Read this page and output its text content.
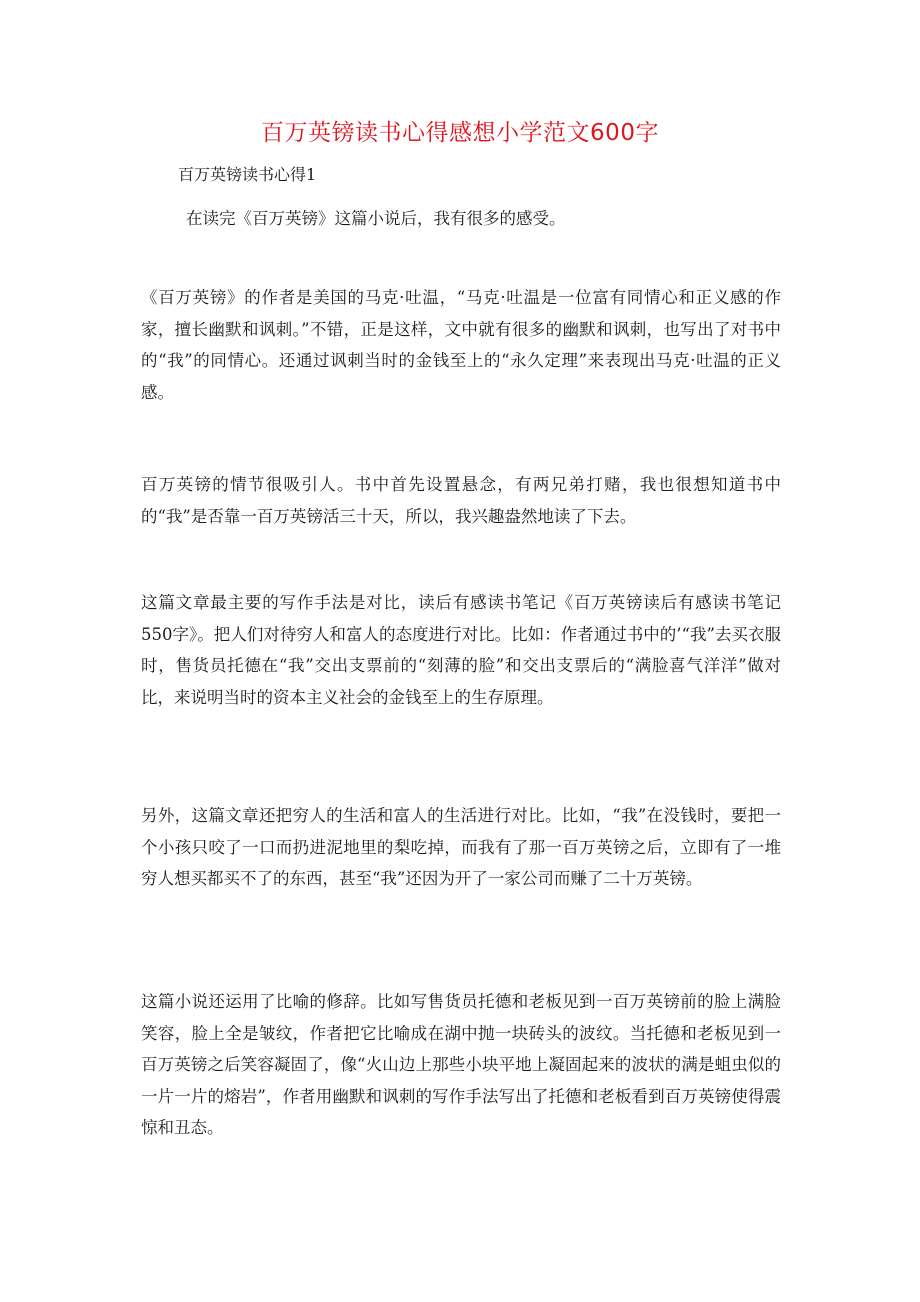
百万英镑读书心得感想小学范文600字

百万英镑读书心得1

在读完《百万英镑》这篇小说后，我有很多的感受。

《百万英镑》的作者是美国的马克·吐温，“马克·吐温是一位富有同情心和正义感的作家，擅长幽默和讽刺。”不错，正是这样，文中就有很多的幽默和讽刺，也写出了对书中的“我”的同情心。还通过讽刺当时的金钱至上的“永久定理”来表现出马克·吐温的正义感。

百万英镑的情节很吸引人。书中首先设置悬念，有两兄弟打赌，我也很想知道书中的“我”是否靠一百万英镑活三十天，所以，我兴趣盎然地读了下去。

这篇文章最主要的写作手法是对比，读后有感读书笔记《百万英镑读后有感读书笔记550字》。把人们对待穷人和富人的态度进行对比。比如：作者通过书中的’“我”去买衣服时，售货员托德在“我”交出支票前的“刻薄的脸”和交出支票后的“满脸喜气洋洋”做对比，来说明当时的资本主义社会的金钱至上的生存原理。

另外，这篇文章还把穷人的生活和富人的生活进行对比。比如，“我”在没钱时，要把一个小孩只咬了一口而扔进泥地里的梨吃掉，而我有了那一百万英镑之后，立即有了一堆穷人想买都买不了的东西，甚至“我”还因为开了一家公司而赚了二十万英镑。

这篇小说还运用了比喻的修辞。比如写售货员托德和老板见到一百万英镑前的脸上满脸笑容，脸上全是皱纹，作者把它比喻成在湖中抛一块砖头的波纹。当托德和老板见到一百万英镑之后笑容凝固了，像“火山边上那些小块平地上凝固起来的波状的满是蛆虫似的一片一片的熔岩”，作者用幽默和讽刺的写作手法写出了托德和老板看到百万英镑使得震惊和丑态。
